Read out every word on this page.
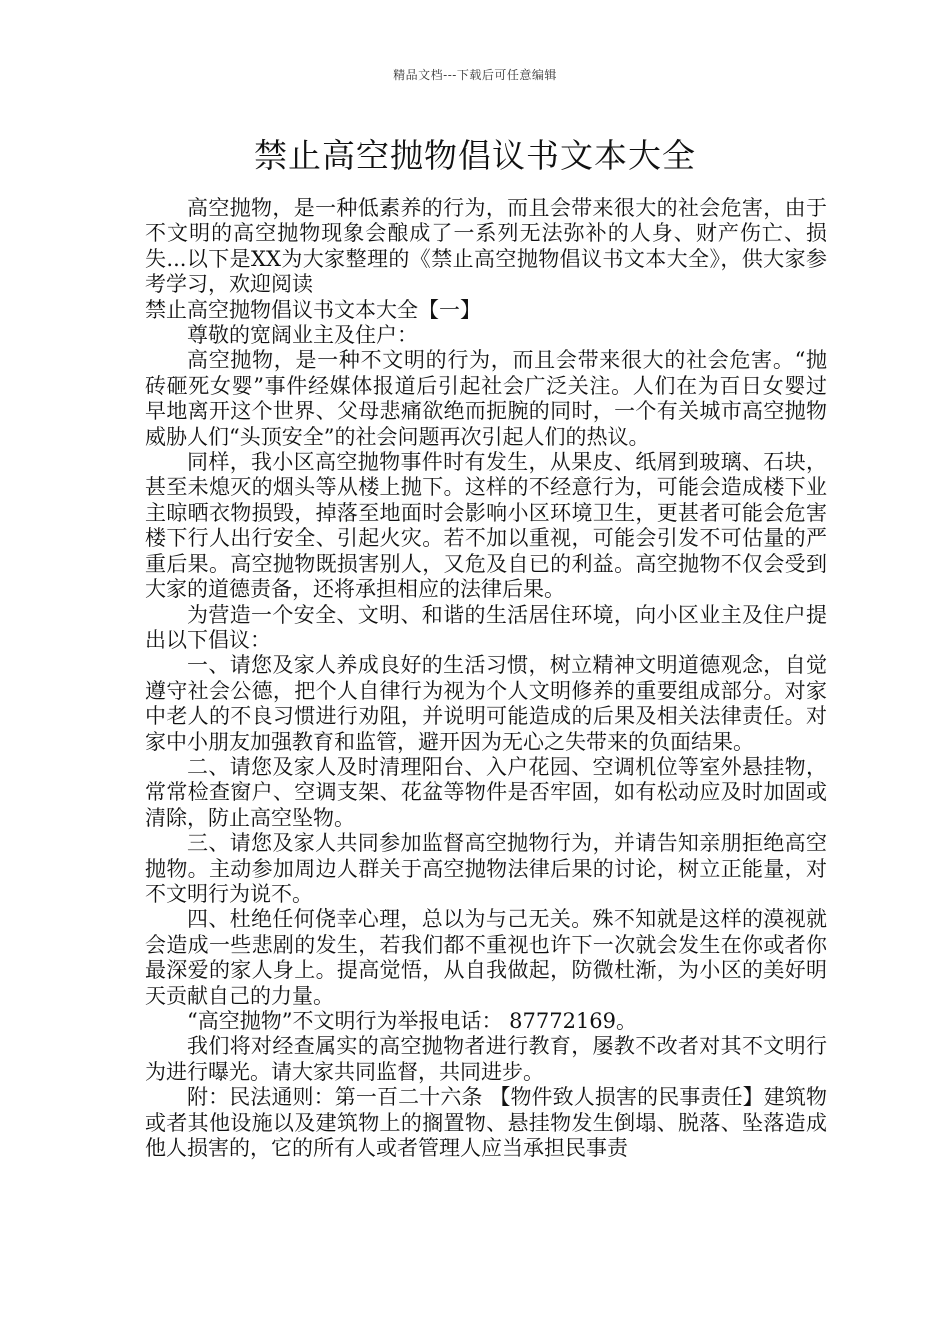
精品文档---下载后可任意编辑
禁止高空抛物倡议书文本大全

高空抛物，是一种低素养的行为，而且会带来很大的社会危害，由于不文明的高空抛物现象会酿成了一系列无法弥补的人身、财产伤亡、损失...以下是XX为大家整理的《禁止高空抛物倡议书文本大全》，供大家参考学习，欢迎阅读

禁止高空抛物倡议书文本大全【一】

尊敬的宽阔业主及住户：

高空抛物，是一种不文明的行为，而且会带来很大的社会危害。“抛砖砸死女婴”事件经媒体报道后引起社会广泛关注。人们在为百日女婴过早地离开这个世界、父母悲痛欲绝而扼腕的同时，一个有关城市高空抛物威胁人们“头顶安全”的社会问题再次引起人们的热议。

同样，我小区高空抛物事件时有发生，从果皮、纸屑到玻璃、石块，甚至未熄灭的烟头等从楼上抛下。这样的不经意行为，可能会造成楼下业主晾晒衣物损毁，掉落至地面时会影响小区环境卫生，更甚者可能会危害楼下行人出行安全、引起火灾。若不加以重视，可能会引发不可估量的严重后果。高空抛物既损害别人，又危及自已的利益。高空抛物不仅会受到大家的道德责备，还将承担相应的法律后果。

为营造一个安全、文明、和谐的生活居住环境，向小区业主及住户提出以下倡议：

一、请您及家人养成良好的生活习惯，树立精神文明道德观念，自觉遵守社会公德，把个人自律行为视为个人文明修养的重要组成部分。对家中老人的不良习惯进行劝阻，并说明可能造成的后果及相关法律责任。对家中小朋友加强教育和监管，避开因为无心之失带来的负面结果。

二、请您及家人及时清理阳台、入户花园、空调机位等室外悬挂物，常常检查窗户、空调支架、花盆等物件是否牢固，如有松动应及时加固或清除，防止高空坠物。

三、请您及家人共同参加监督高空抛物行为，并请告知亲朋拒绝高空抛物。主动参加周边人群关于高空抛物法律后果的讨论，树立正能量，对不文明行为说不。

四、杜绝任何侥幸心理，总以为与己无关。殊不知就是这样的漠视就会造成一些悲剧的发生，若我们都不重视也许下一次就会发生在你或者你最深爱的家人身上。提高觉悟，从自我做起，防微杜渐，为小区的美好明天贡献自己的力量。

“高空抛物”不文明行为举报电话： 87772169。

我们将对经查属实的高空抛物者进行教育，屡教不改者对其不文明行为进行曝光。请大家共同监督，共同进步。

附：民法通则：第一百二十六条 【物件致人损害的民事责任】建筑物或者其他设施以及建筑物上的搁置物、悬挂物发生倒塌、脱落、坠落造成他人损害的，它的所有人或者管理人应当承担民事责
